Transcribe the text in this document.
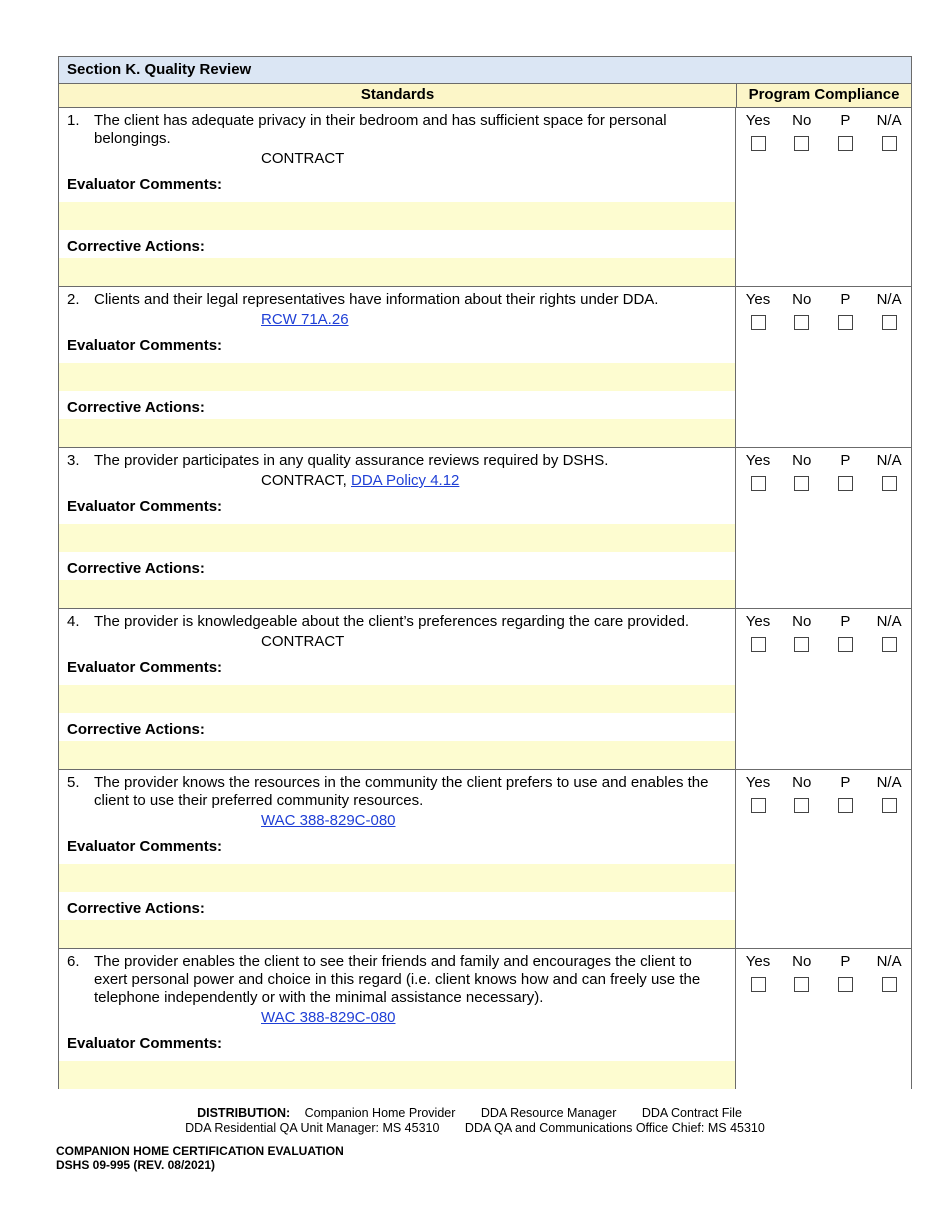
Section K. Quality Review
Standards	Program Compliance
1. The client has adequate privacy in their bedroom and has sufficient space for personal belongings.
CONTRACT
Evaluator Comments:
Corrective Actions:
Yes No P N/A
2. Clients and their legal representatives have information about their rights under DDA.
RCW 71A.26
Evaluator Comments:
Corrective Actions:
Yes No P N/A
3. The provider participates in any quality assurance reviews required by DSHS.
CONTRACT, DDA Policy 4.12
Evaluator Comments:
Corrective Actions:
Yes No P N/A
4. The provider is knowledgeable about the client’s preferences regarding the care provided.
CONTRACT
Evaluator Comments:
Corrective Actions:
Yes No P N/A
5. The provider knows the resources in the community the client prefers to use and enables the client to use their preferred community resources.
WAC 388-829C-080
Evaluator Comments:
Corrective Actions:
Yes No P N/A
6. The provider enables the client to see their friends and family and encourages the client to exert personal power and choice in this regard (i.e. client knows how and can freely use the telephone independently or with the minimal assistance necessary).
WAC 388-829C-080
Evaluator Comments:
Yes No P N/A
DISTRIBUTION: Companion Home Provider DDA Resource Manager DDA Contract File
DDA Residential QA Unit Manager: MS 45310 DDA QA and Communications Office Chief: MS 45310
COMPANION HOME CERTIFICATION EVALUATION
DSHS 09-995 (REV. 08/2021)
